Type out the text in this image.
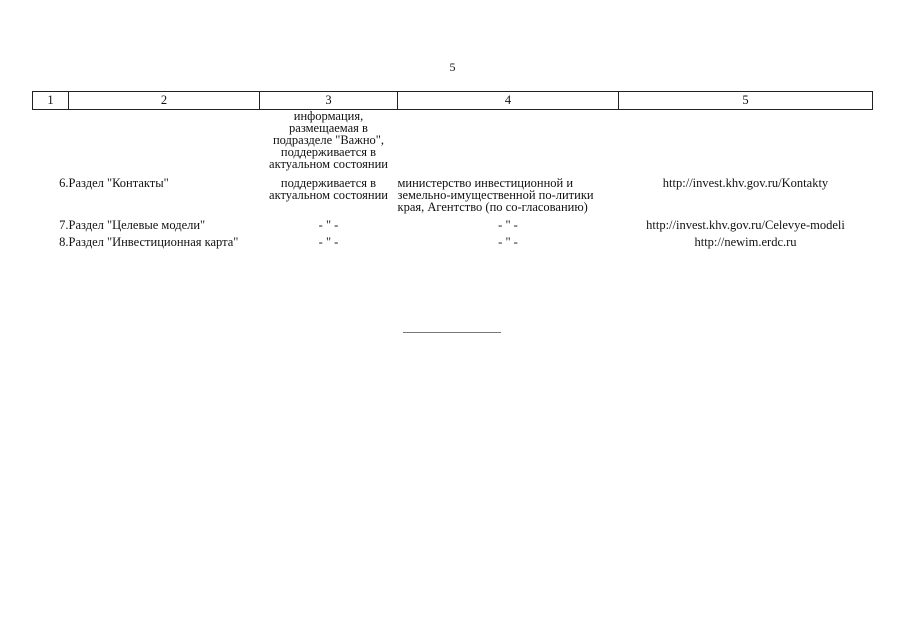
5
1	2	3	4	5
		информация, размещаемая в подразделе "Важно", поддерживается в актуальном состоянии		
6.	Раздел "Контакты"	поддерживается в актуальном состоянии	министерство инвестиционной и земельно-имущественной по-литики края, Агентство (по со-гласованию)	http://invest.khv.gov.ru/Kontakty
7.	Раздел "Целевые модели"	- " -	- " -	http://invest.khv.gov.ru/Celevye-modeli
8.	Раздел "Инвестиционная карта"	- " -	- " -	http://newim.erdc.ru
